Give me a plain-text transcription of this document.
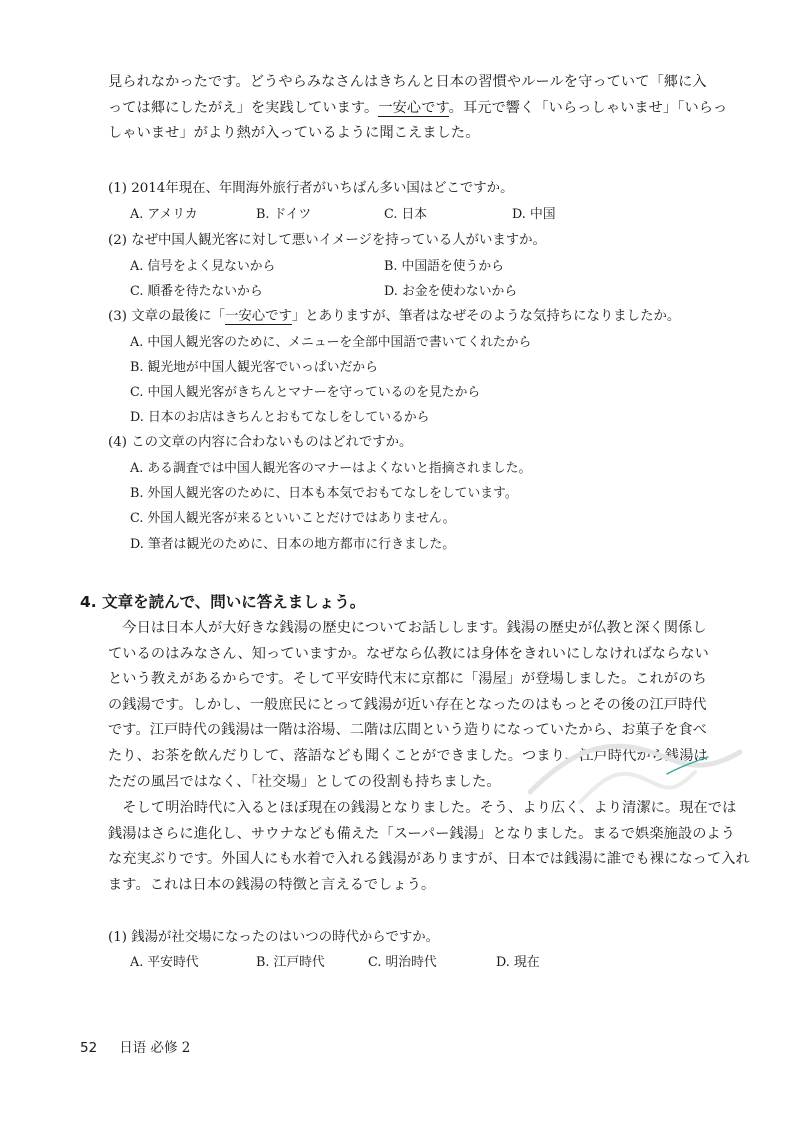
見られなかったです。どうやらみなさんはきちんと日本の習慣やルールを守っていて「郷に入
っては郷にしたがえ」を実践しています。一安心です。耳元で響く「いらっしゃいませ」「いらっ
しゃいませ」がより熱が入っているように聞こえました。
(1) 2014年現在、年間海外旅行者がいちばん多い国はどこですか。
A. アメリカ	B. ドイツ	C. 日本	D. 中国
(2) なぜ中国人観光客に対して悪いイメージを持っている人がいますか。
A. 信号をよく見ないから	B. 中国語を使うから
C. 順番を待たないから	D. お金を使わないから
(3) 文章の最後に「一安心です」とありますが、筆者はなぜそのような気持ちになりましたか。
A. 中国人観光客のために、メニューを全部中国語で書いてくれたから
B. 観光地が中国人観光客でいっぱいだから
C. 中国人観光客がきちんとマナーを守っているのを見たから
D. 日本のお店はきちんとおもてなしをしているから
(4) この文章の内容に合わないものはどれですか。
A. ある調査では中国人観光客のマナーはよくないと指摘されました。
B. 外国人観光客のために、日本も本気でおもてなしをしています。
C. 外国人観光客が来るといいことだけではありません。
D. 筆者は観光のために、日本の地方都市に行きました。
4. 文章を読んで、問いに答えましょう。
　今日は日本人が大好きな銭湯の歴史についてお話しします。銭湯の歴史が仏教と深く関係し
ているのはみなさん、知っていますか。なぜなら仏教には身体をきれいにしなければならない
という教えがあるからです。そして平安時代末に京都に「湯屋」が登場しました。これがのち
の銭湯です。しかし、一般庶民にとって銭湯が近い存在となったのはもっとその後の江戸時代
です。江戸時代の銭湯は一階は浴場、二階は広間という造りになっていたから、お菓子を食べ
たり、お茶を飲んだりして、落語なども聞くことができました。つまり、江戸時代から銭湯は
ただの風呂ではなく、「社交場」としての役割も持ちました。
　そして明治時代に入るとほぼ現在の銭湯となりました。そう、より広く、より清潔に。現在では
銭湯はさらに進化し、サウナなども備えた「スーパー銭湯」となりました。まるで娯楽施設のよう
な充実ぶりです。外国人にも水着で入れる銭湯がありますが、日本では銭湯に誰でも裸になって入れ
ます。これは日本の銭湯の特徴と言えるでしょう。
(1) 銭湯が社交場になったのはいつの時代からですか。
A. 平安時代	B. 江戸時代	C. 明治時代	D. 現在
52 日语 必修 2
